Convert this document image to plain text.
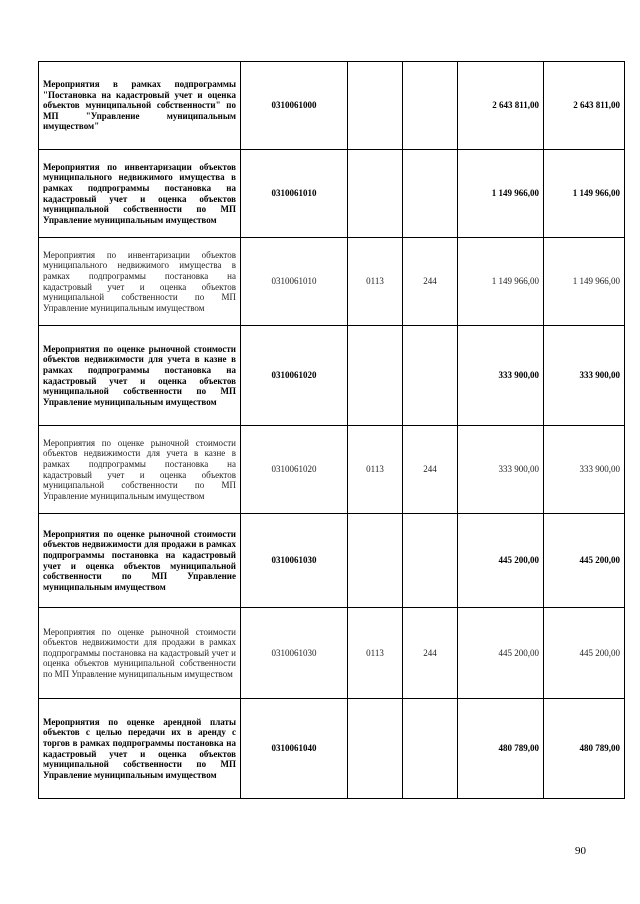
Мероприятия в рамках подпрограммы "Постановка на кадастровый учет и оценка объектов муниципальной собственности" по МП "Управление муниципальным имуществом"	0310061000			2 643 811,00	2 643 811,00
Мероприятия по инвентаризации объектов муниципального недвижимого имущества в рамках подпрограммы постановка на кадастровый учет и оценка объектов муниципальной собственности по МП Управление муниципальным имуществом	0310061010			1 149 966,00	1 149 966,00
Мероприятия по инвентаризации объектов муниципального недвижимого имущества в рамках подпрограммы постановка на кадастровый учет и оценка объектов муниципальной собственности по МП Управление муниципальным имуществом	0310061010	0113	244	1 149 966,00	1 149 966,00
Мероприятия по оценке рыночной стоимости объектов недвижимости для учета в казне в рамках подпрограммы постановка на кадастровый учет и оценка объектов муниципальной собственности по МП Управление муниципальным имуществом	0310061020			333 900,00	333 900,00
Мероприятия по оценке рыночной стоимости объектов недвижимости для учета в казне в рамках подпрограммы постановка на кадастровый учет и оценка объектов муниципальной собственности по МП Управление муниципальным имуществом	0310061020	0113	244	333 900,00	333 900,00
Мероприятия по оценке рыночной стоимости объектов недвижимости для продажи в рамках подпрограммы постановка на кадастровый учет и оценка объектов муниципальной собственности по МП Управление муниципальным имуществом	0310061030			445 200,00	445 200,00
Мероприятия по оценке рыночной стоимости объектов недвижимости для продажи в рамках подпрограммы постановка на кадастровый учет и оценка объектов муниципальной собственности по МП Управление муниципальным имуществом	0310061030	0113	244	445 200,00	445 200,00
Мероприятия по оценке арендной платы объектов с целью передачи их в аренду с торгов в рамках подпрограммы постановка на кадастровый учет и оценка объектов муниципальной собственности по МП Управление муниципальным имуществом	0310061040			480 789,00	480 789,00
90
